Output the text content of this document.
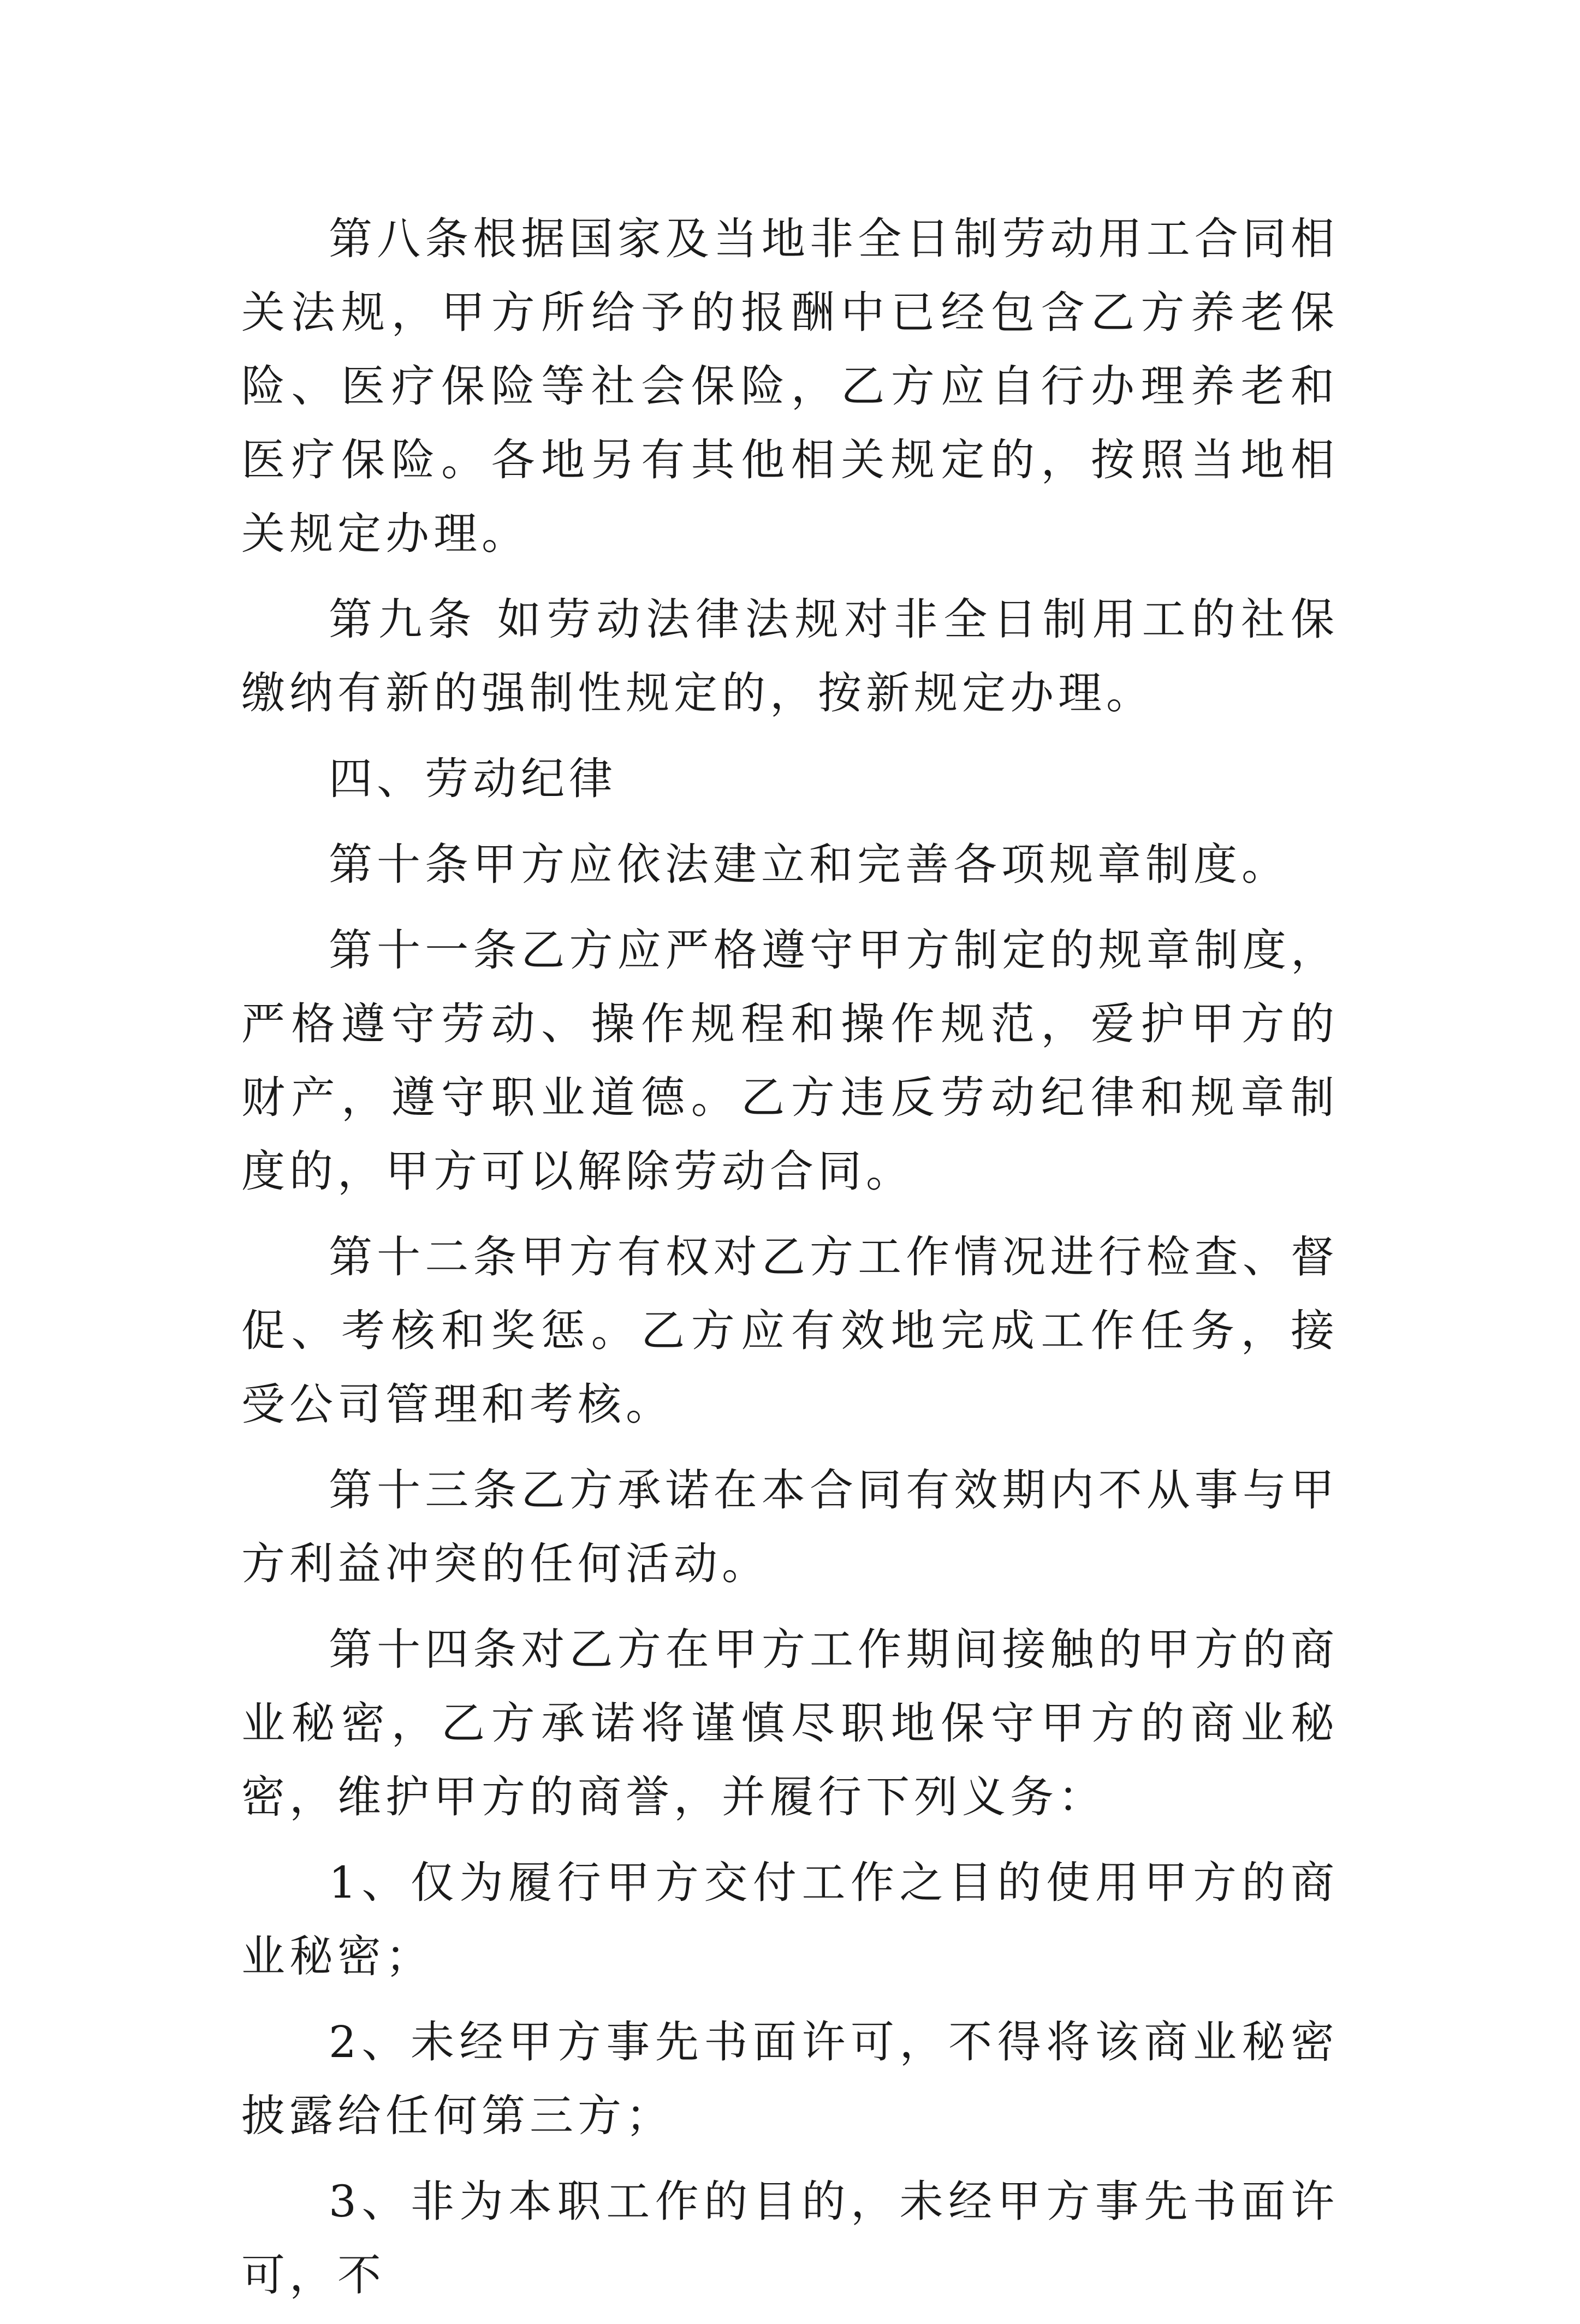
第八条根据国家及当地非全日制劳动用工合同相关法规，甲方所给予的报酬中已经包含乙方养老保险、医疗保险等社会保险，乙方应自行办理养老和医疗保险。各地另有其他相关规定的，按照当地相关规定办理。

第九条 如劳动法律法规对非全日制用工的社保缴纳有新的强制性规定的，按新规定办理。

四、劳动纪律

第十条甲方应依法建立和完善各项规章制度。

第十一条乙方应严格遵守甲方制定的规章制度，严格遵守劳动、操作规程和操作规范，爱护甲方的财产，遵守职业道德。乙方违反劳动纪律和规章制度的，甲方可以解除劳动合同。

第十二条甲方有权对乙方工作情况进行检查、督促、考核和奖惩。乙方应有效地完成工作任务，接受公司管理和考核。

第十三条乙方承诺在本合同有效期内不从事与甲方利益冲突的任何活动。

第十四条对乙方在甲方工作期间接触的甲方的商业秘密，乙方承诺将谨慎尽职地保守甲方的商业秘密，维护甲方的商誉，并履行下列义务：

1、仅为履行甲方交付工作之目的使用甲方的商业秘密；

2、未经甲方事先书面许可，不得将该商业秘密披露给任何第三方；

3、非为本职工作的目的，未经甲方事先书面许可，不
